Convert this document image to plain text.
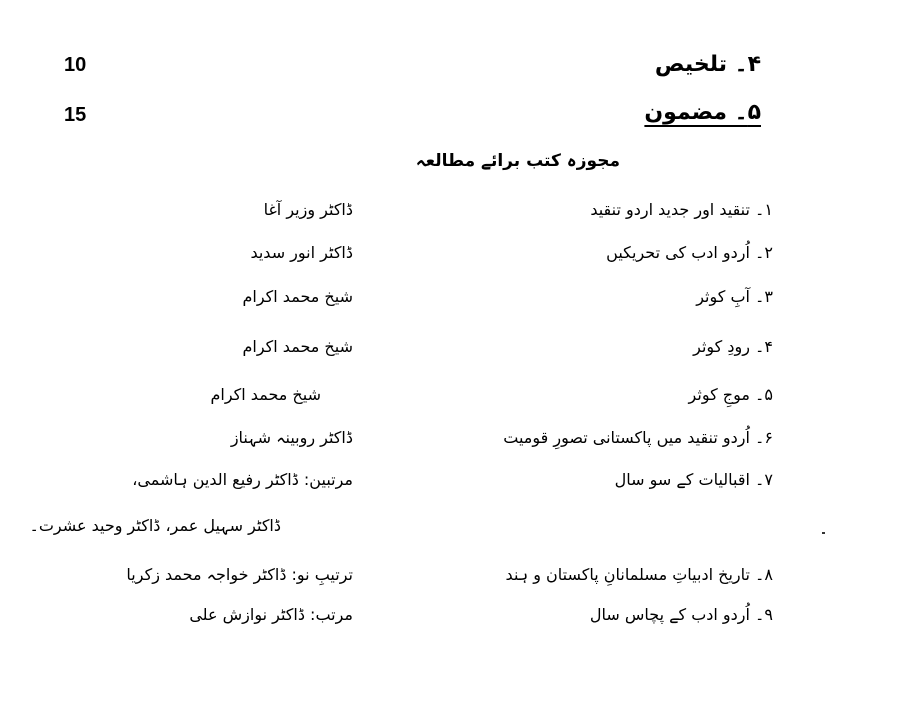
۴۔ تلخیص
10
۵۔ مضمون
15
مجوزہ کتب برائے مطالعہ
۱۔ تنقید اور جدید اردو تنقید
۲۔ اُردو ادب کی تحریکیں
۳۔ آبِ کوثر
۴۔ رودِ کوثر
۵۔ موجِ کوثر
۶۔ اُردو تنقید میں پاکستانی تصورِ قومیت
۷۔ اقبالیات کے سو سال
۸۔ تاریخ ادبیاتِ مسلمانانِ پاکستان و ہند
۹۔ اُردو ادب کے پچاس سال
ڈاکٹر وزیر آغا
ڈاکٹر انور سدید
شیخ محمد اکرام
شیخ محمد اکرام
شیخ محمد اکرام
ڈاکٹر روبینہ شہناز
مرتبین: ڈاکٹر رفیع الدین ہاشمی،
ڈاکٹر سہیل عمر، ڈاکٹر وحید عشرت۔
ترتیبِ نو: ڈاکٹر خواجہ محمد زکریا
مرتب: ڈاکٹر نوازش علی
